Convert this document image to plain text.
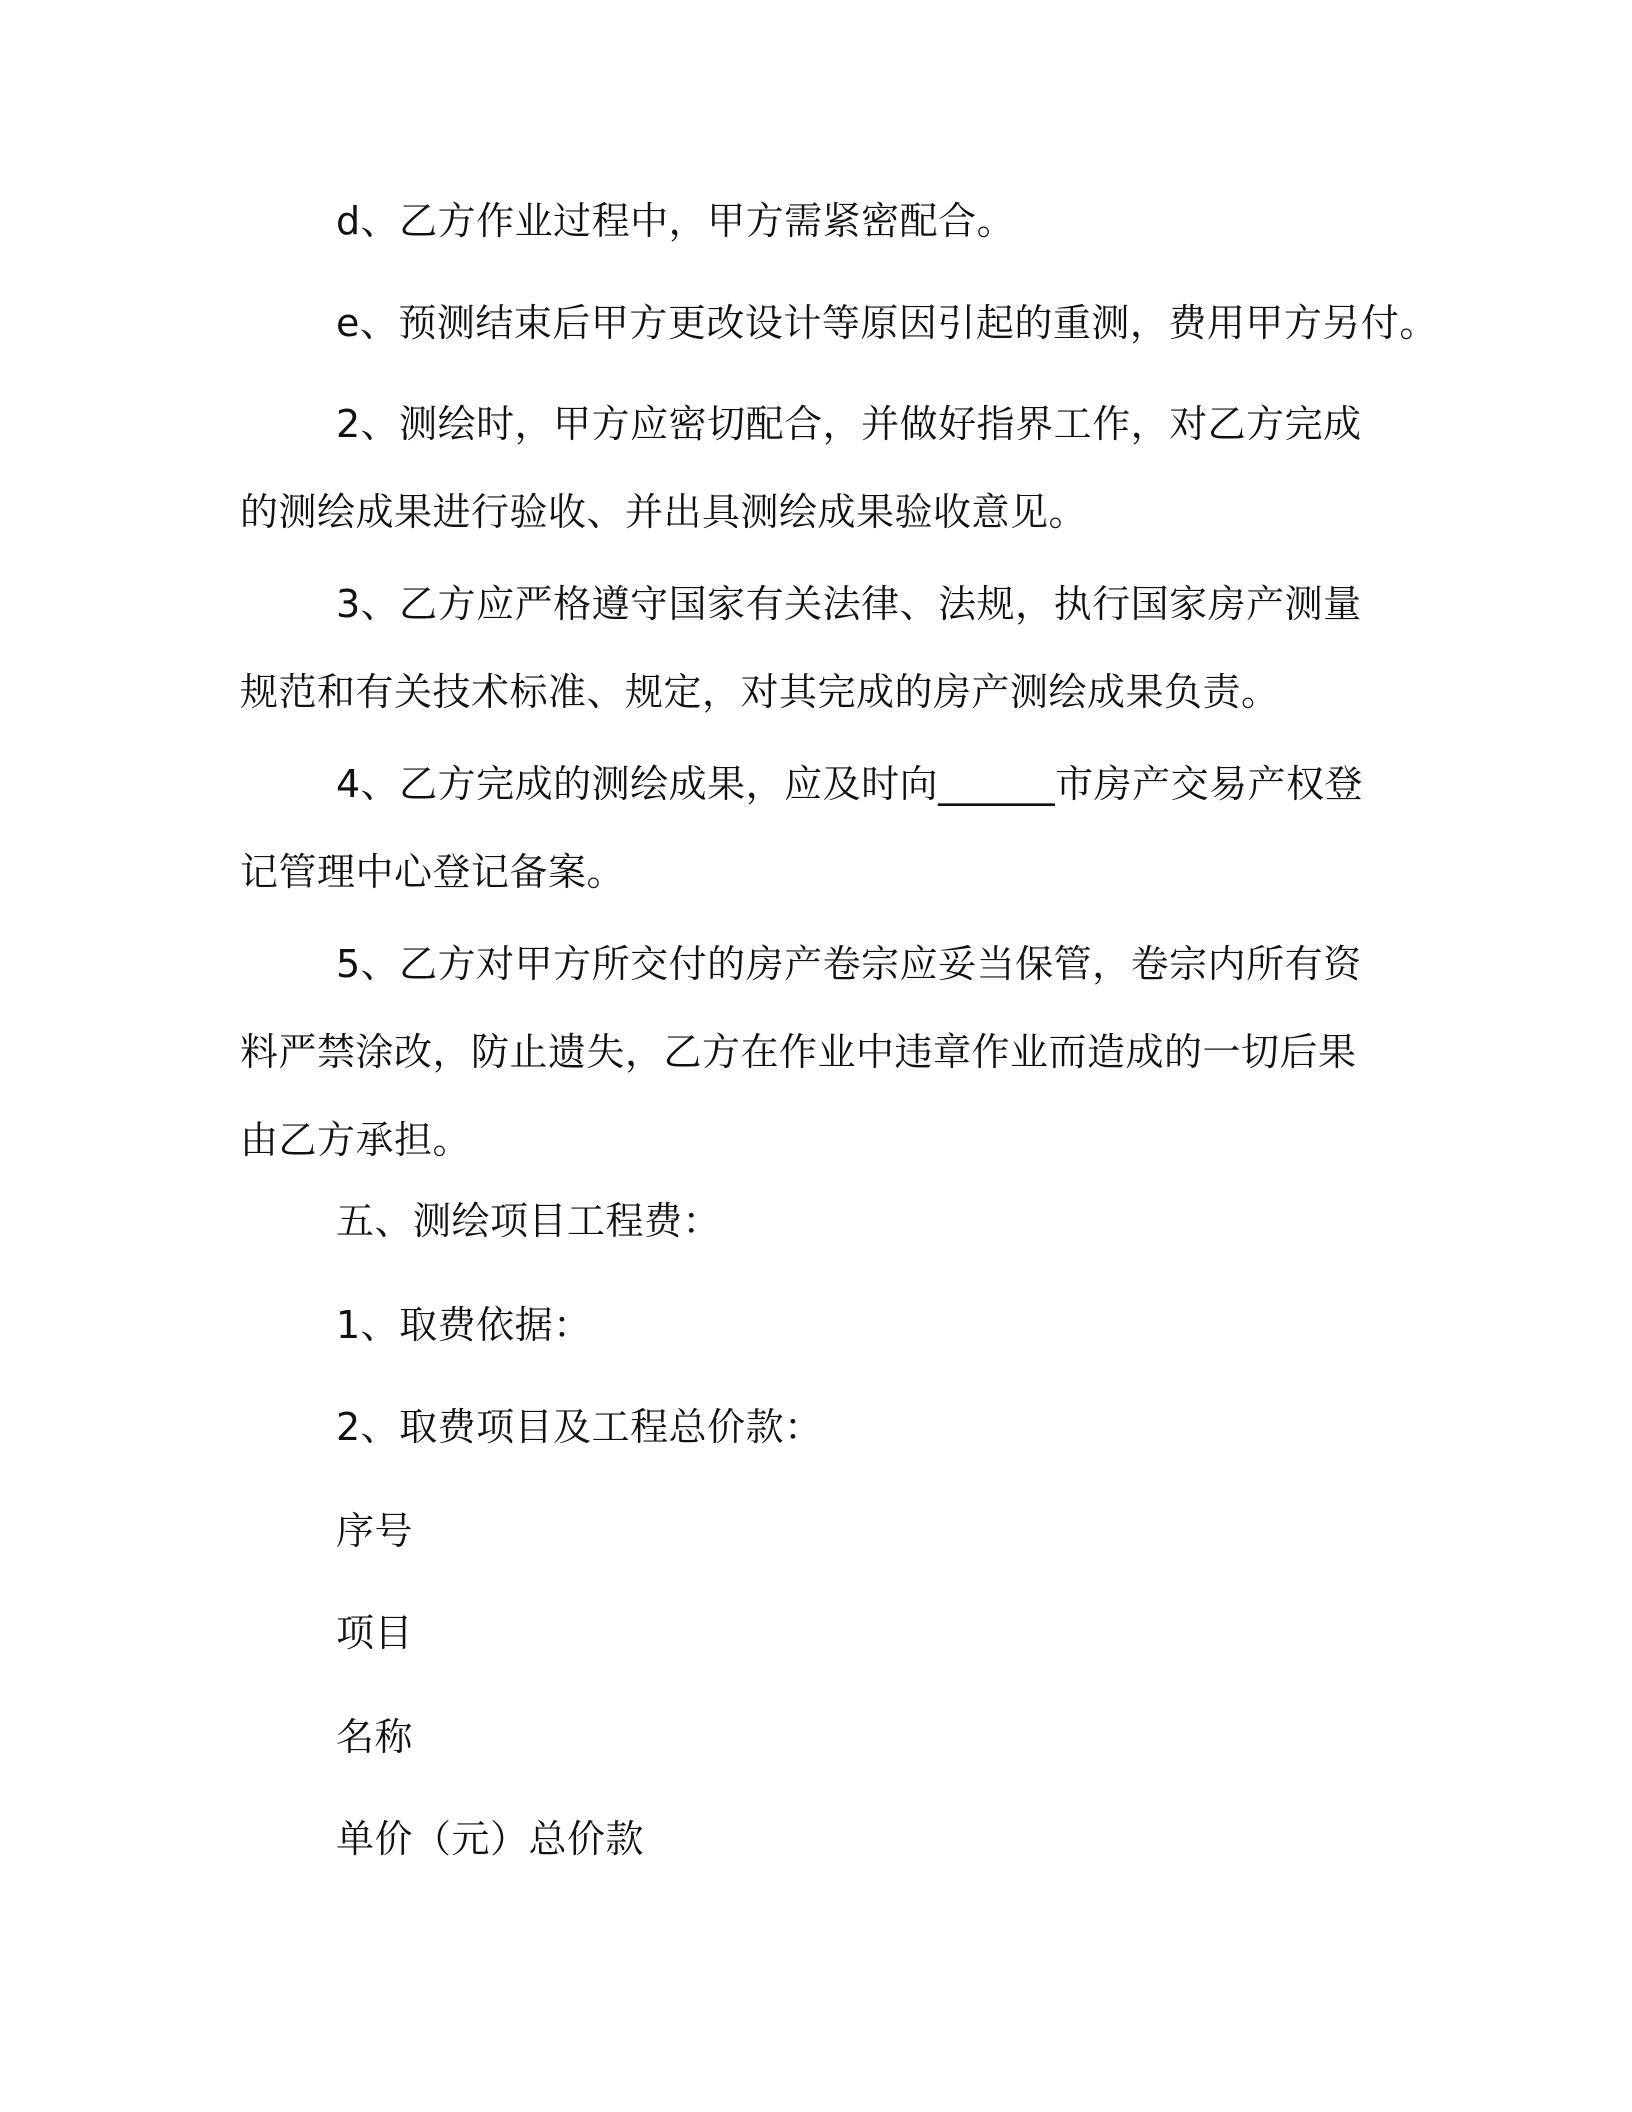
d、乙方作业过程中，甲方需紧密配合。

e、预测结束后甲方更改设计等原因引起的重测，费用甲方另付。

2、测绘时，甲方应密切配合，并做好指界工作，对乙方完成的测绘成果进行验收、并出具测绘成果验收意见。

3、乙方应严格遵守国家有关法律、法规，执行国家房产测量规范和有关技术标准、规定，对其完成的房产测绘成果负责。

4、乙方完成的测绘成果，应及时向______市房产交易产权登记管理中心登记备案。

5、乙方对甲方所交付的房产卷宗应妥当保管，卷宗内所有资料严禁涂改，防止遗失，乙方在作业中违章作业而造成的一切后果由乙方承担。

五、测绘项目工程费：

1、取费依据：

2、取费项目及工程总价款：

序号

项目

名称

单价（元）总价款
